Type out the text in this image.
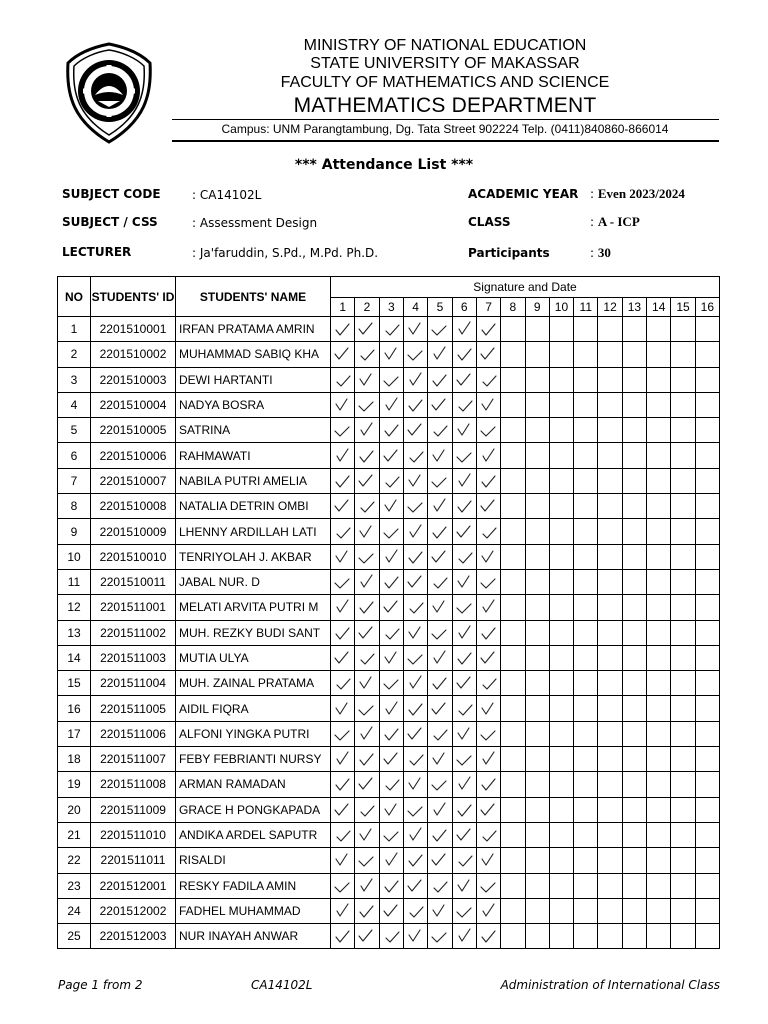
MINISTRY OF NATIONAL EDUCATION
STATE UNIVERSITY OF MAKASSAR
FACULTY OF MATHEMATICS AND SCIENCE
MATHEMATICS DEPARTMENT
Campus: UNM Parangtambung, Dg. Tata Street 902224 Telp. (0411)840860-866014
*** Attendance List ***
SUBJECT CODE	: CA14102L
SUBJECT / CSS	: Assessment Design
LECTURER	: Ja'faruddin, S.Pd., M.Pd. Ph.D.
ACADEMIC YEAR : Even 2023/2024
CLASS	: A - ICP
Participants	: 30
NO	STUDENTS' ID	STUDENTS' NAME	Signature and Date															
			1	2	3	4	5	6	7	8	9	10	11	12	13	14	15	16
1	2201510001	IRFAN PRATAMA AMRIN	

2	2201510002	MUHAMMAD SABIQ KHA	

3	2201510003	DEWI HARTANTI	

4	2201510004	NADYA BOSRA	

5	2201510005	SATRINA	

6	2201510006	RAHMAWATI	

7	2201510007	NABILA PUTRI AMELIA	

8	2201510008	NATALIA DETRIN OMBI	

9	2201510009	LHENNY ARDILLAH LATI	

10	2201510010	TENRIYOLAH J. AKBAR	

11	2201510011	JABAL NUR. D	

12	2201511001	MELATI ARVITA PUTRI M	

13	2201511002	MUH. REZKY BUDI SANT	

14	2201511003	MUTIA ULYA	

15	2201511004	MUH. ZAINAL PRATAMA	

16	2201511005	AIDIL FIQRA	

17	2201511006	ALFONI YINGKA PUTRI	

18	2201511007	FEBY FEBRIANTI NURSY	

19	2201511008	ARMAN RAMADAN	

20	2201511009	GRACE H PONGKAPADA	

21	2201511010	ANDIKA ARDEL SAPUTR	

22	2201511011	RISALDI	

23	2201512001	RESKY FADILA AMIN	

24	2201512002	FADHEL MUHAMMAD	

25	2201512003	NUR INAYAH ANWAR	

Page 1 from 2	CA14102L	Administration of International Class
